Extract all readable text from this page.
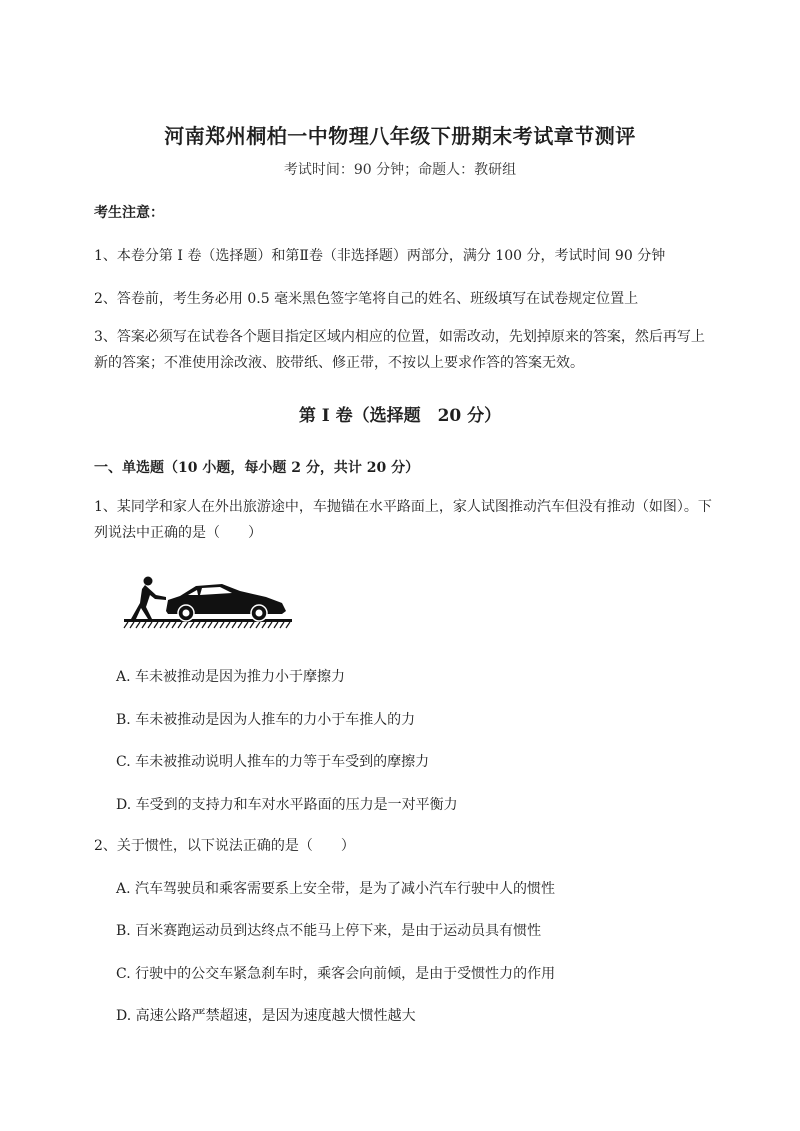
河南郑州桐柏一中物理八年级下册期末考试章节测评
考试时间：90 分钟；命题人：教研组
考生注意：
1、本卷分第 I 卷（选择题）和第Ⅱ卷（非选择题）两部分，满分 100 分，考试时间 90 分钟
2、答卷前，考生务必用 0.5 毫米黑色签字笔将自己的姓名、班级填写在试卷规定位置上
3、答案必须写在试卷各个题目指定区域内相应的位置，如需改动，先划掉原来的答案，然后再写上新的答案；不准使用涂改液、胶带纸、修正带，不按以上要求作答的答案无效。
第 I 卷（选择题　20 分）
一、单选题（10 小题，每小题 2 分，共计 20 分）
1、某同学和家人在外出旅游途中，车抛锚在水平路面上，家人试图推动汽车但没有推动（如图）。下列说法中正确的是（　　）
A. 车未被推动是因为推力小于摩擦力
B. 车未被推动是因为人推车的力小于车推人的力
C. 车未被推动说明人推车的力等于车受到的摩擦力
D. 车受到的支持力和车对水平路面的压力是一对平衡力
2、关于惯性，以下说法正确的是（　　）
A. 汽车驾驶员和乘客需要系上安全带，是为了减小汽车行驶中人的惯性
B. 百米赛跑运动员到达终点不能马上停下来，是由于运动员具有惯性
C. 行驶中的公交车紧急刹车时，乘客会向前倾，是由于受惯性力的作用
D. 高速公路严禁超速，是因为速度越大惯性越大
